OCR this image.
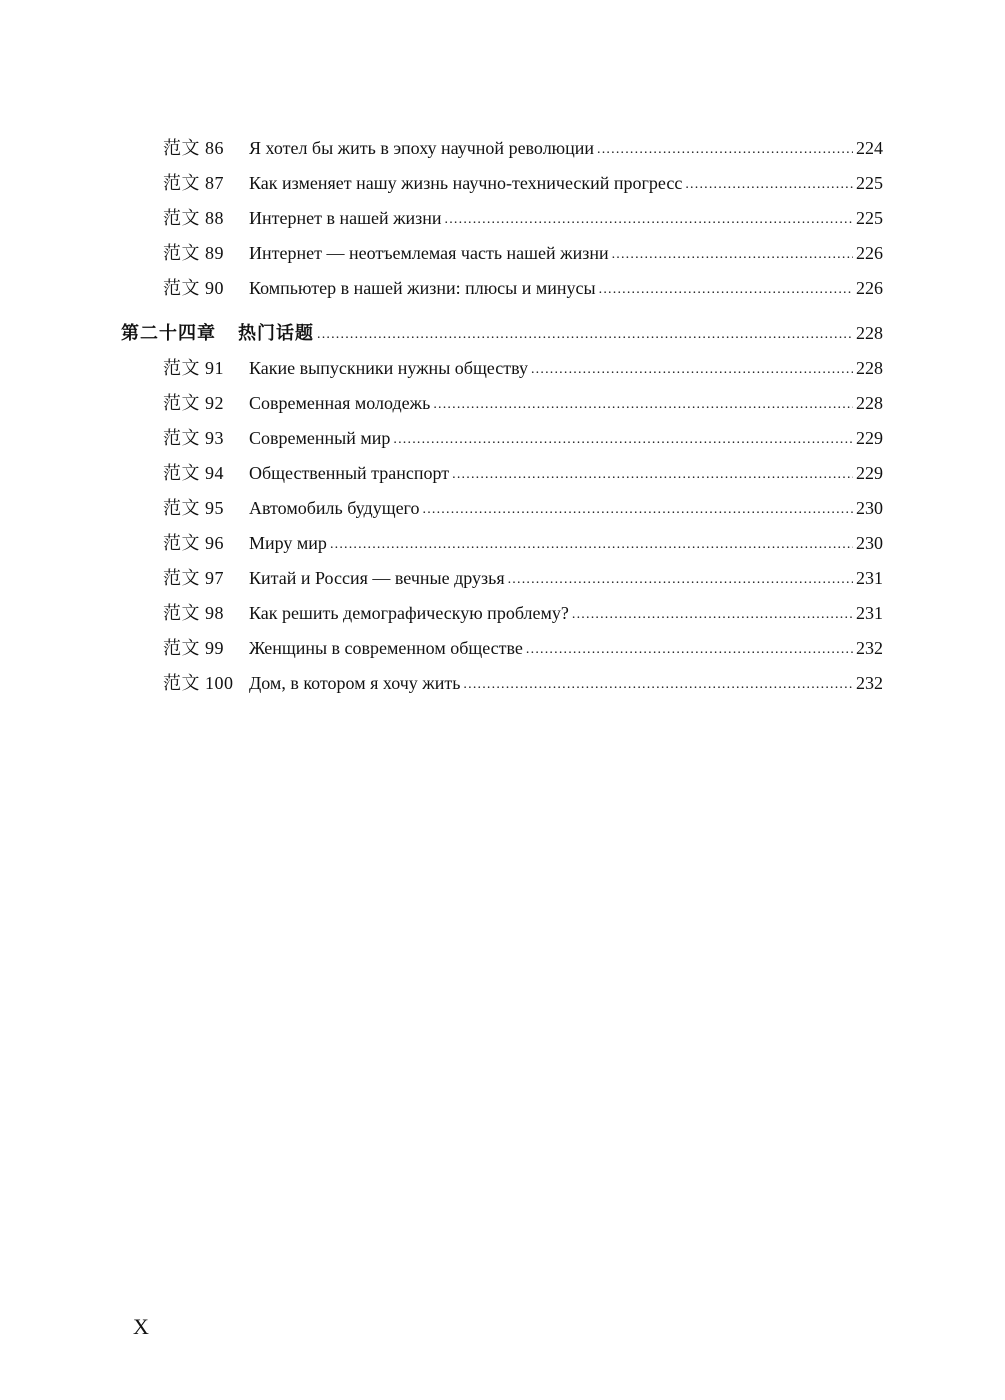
范文 86	Я хотел бы жить в эпоху научной революции .....	224
范文 87	Как изменяет нашу жизнь научно-технический прогресс .....	225
范文 88	Интернет в нашей жизни .....	225
范文 89	Интернет — неотъемлемая часть нашей жизни .....	226
范文 90	Компьютер в нашей жизни: плюсы и минусы .....	226
第二十四章 热门话题 .....	228
范文 91	Какие выпускники нужны обществу .....	228
范文 92	Современная молодежь .....	228
范文 93	Современный мир .....	229
范文 94	Общественный транспорт .....	229
范文 95	Автомобиль будущего .....	230
范文 96	Миру мир .....	230
范文 97	Китай и Россия — вечные друзья .....	231
范文 98	Как решить демографическую проблему? .....	231
范文 99	Женщины в современном обществе .....	232
范文 100 Дом, в котором я хочу жить .....	232
X
